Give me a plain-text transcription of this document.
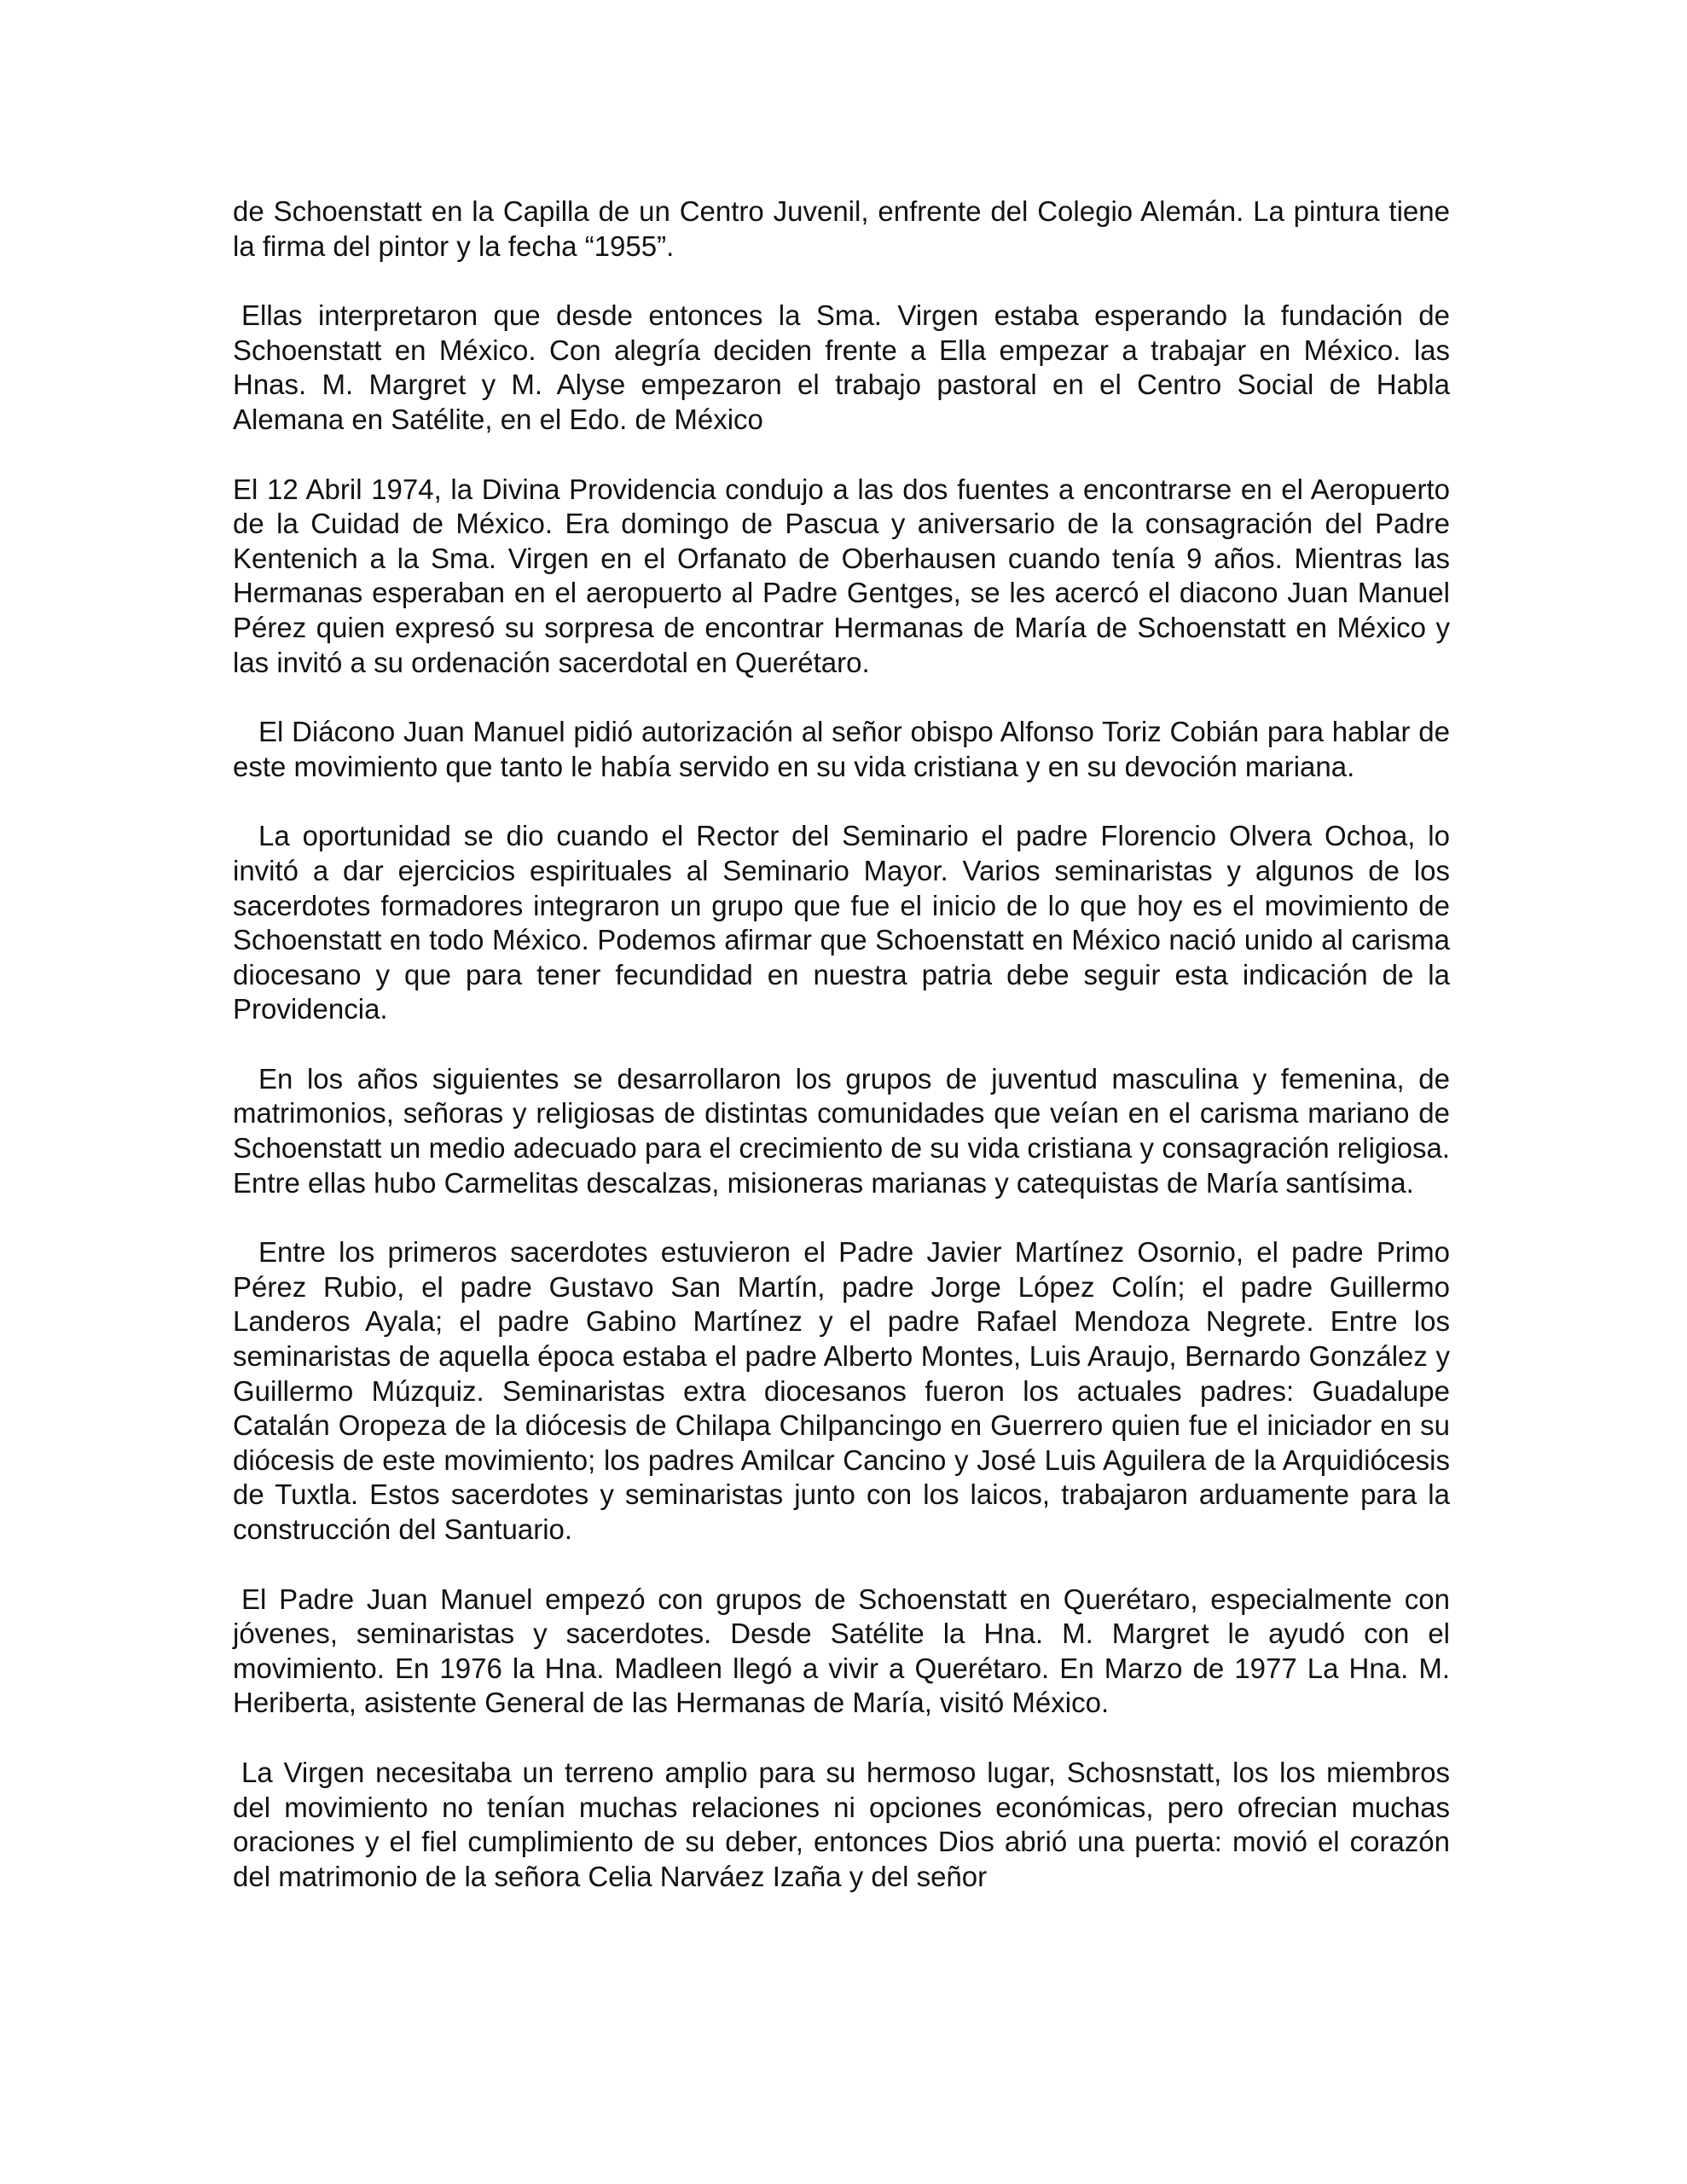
de Schoenstatt en la Capilla de un Centro Juvenil, enfrente del Colegio Alemán. La pintura tiene la firma del pintor y la fecha “1955”.

Ellas interpretaron que desde entonces la Sma. Virgen estaba esperando la fundación de Schoenstatt en México. Con alegría deciden frente a Ella empezar a trabajar en México. las Hnas. M. Margret y M. Alyse empezaron el trabajo pastoral en el Centro Social de Habla Alemana en Satélite, en el Edo. de México

El 12 Abril 1974, la Divina Providencia condujo a las dos fuentes a encontrarse en el Aeropuerto de la Cuidad de México. Era domingo de Pascua y aniversario de la consagración del Padre Kentenich a la Sma. Virgen en el Orfanato de Oberhausen cuando tenía 9 años. Mientras las Hermanas esperaban en el aeropuerto al Padre Gentges, se les acercó el diacono Juan Manuel Pérez quien expresó su sorpresa de encontrar Hermanas de María de Schoenstatt en México y las invitó a su ordenación sacerdotal en Querétaro.

El Diácono Juan Manuel pidió autorización al señor obispo Alfonso Toriz Cobián para hablar de este movimiento que tanto le había servido en su vida cristiana y en su devoción mariana.

La oportunidad se dio cuando el Rector del Seminario el padre Florencio Olvera Ochoa, lo invitó a dar ejercicios espirituales al Seminario Mayor. Varios seminaristas y algunos de los sacerdotes formadores integraron un grupo que fue el inicio de lo que hoy es el movimiento de Schoenstatt en todo México. Podemos afirmar que Schoenstatt en México nació unido al carisma diocesano y que para tener fecundidad en nuestra patria debe seguir esta indicación de la Providencia.

En los años siguientes se desarrollaron los grupos de juventud masculina y femenina, de matrimonios, señoras y religiosas de distintas comunidades que veían en el carisma mariano de Schoenstatt un medio adecuado para el crecimiento de su vida cristiana y consagración religiosa. Entre ellas hubo Carmelitas descalzas, misioneras marianas y catequistas de María santísima.

Entre los primeros sacerdotes estuvieron el Padre Javier Martínez Osornio, el padre Primo Pérez Rubio, el padre Gustavo San Martín, padre Jorge López Colín; el padre Guillermo Landeros Ayala; el padre Gabino Martínez y el padre Rafael Mendoza Negrete. Entre los seminaristas de aquella época estaba el padre Alberto Montes, Luis Araujo, Bernardo González y Guillermo Múzquiz. Seminaristas extra diocesanos fueron los actuales padres: Guadalupe Catalán Oropeza de la diócesis de Chilapa Chilpancingo en Guerrero quien fue el iniciador en su diócesis de este movimiento; los padres Amilcar Cancino y José Luis Aguilera de la Arquidiócesis de Tuxtla. Estos sacerdotes y seminaristas junto con los laicos, trabajaron arduamente para la construcción del Santuario.

El Padre Juan Manuel empezó con grupos de Schoenstatt en Querétaro, especialmente con jóvenes, seminaristas y sacerdotes. Desde Satélite la Hna. M. Margret le ayudó con el movimiento. En 1976 la Hna. Madleen llegó a vivir a Querétaro. En Marzo de 1977 La Hna. M. Heriberta, asistente General de las Hermanas de María, visitó México.

La Virgen necesitaba un terreno amplio para su hermoso lugar, Schosnstatt, los los miembros del movimiento no tenían muchas relaciones ni opciones económicas, pero ofrecian muchas oraciones y el fiel cumplimiento de su deber, entonces Dios abrió una puerta: movió el corazón del matrimonio de la señora Celia Narváez Izaña y del señor
